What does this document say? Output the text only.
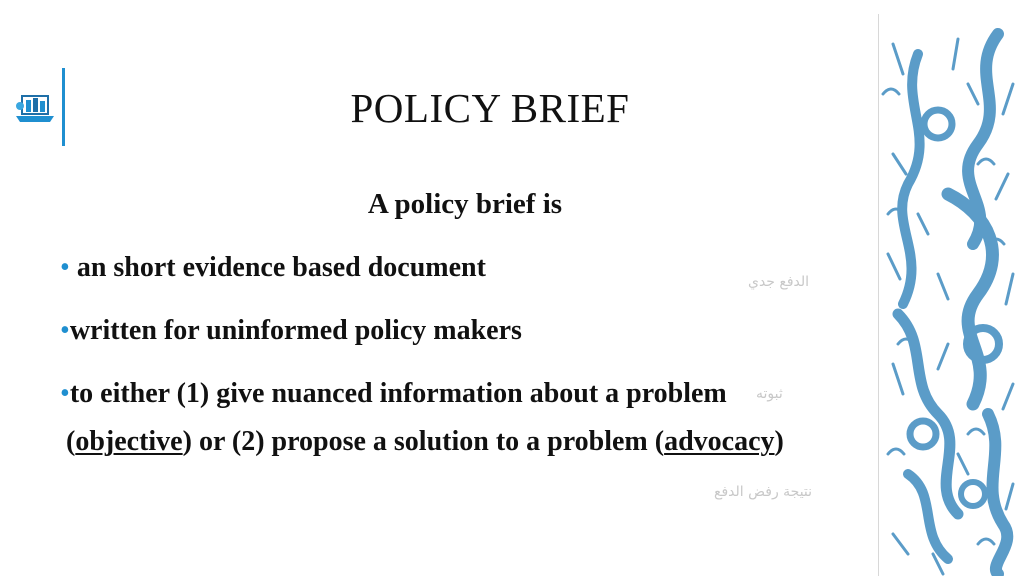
POLICY BRIEF
A policy brief is
• an short evidence based document
•written for uninformed policy makers
•to either (1) give nuanced information about a problem
(objective) or (2) propose a solution to a problem (advocacy)
الدفع جدي
ثبوته
نتيجة رفض الدفع
